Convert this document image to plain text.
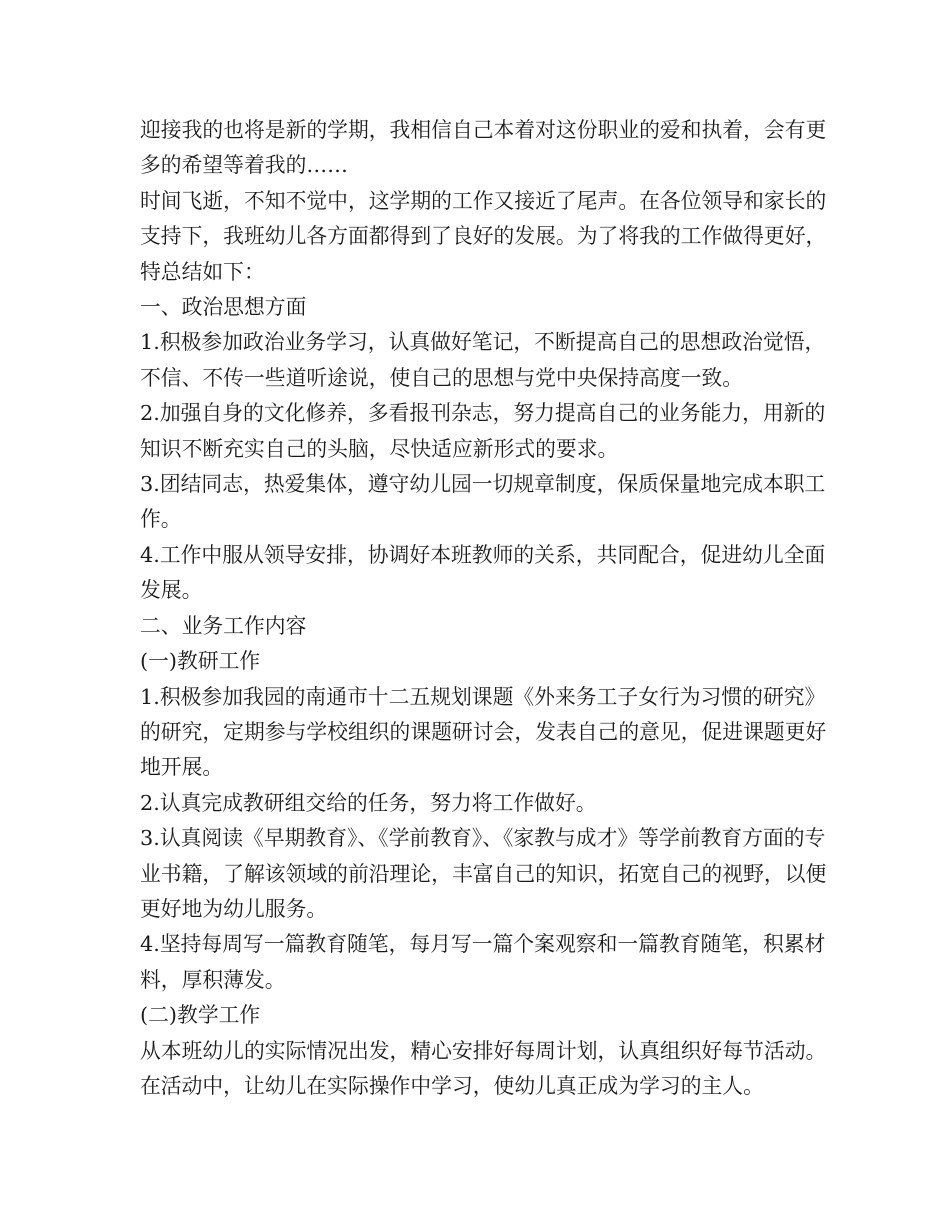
迎接我的也将是新的学期，我相信自己本着对这份职业的爱和执着，会有更多的希望等着我的……

时间飞逝，不知不觉中，这学期的工作又接近了尾声。在各位领导和家长的支持下，我班幼儿各方面都得到了良好的发展。为了将我的工作做得更好，特总结如下：

一、政治思想方面

1.积极参加政治业务学习，认真做好笔记，不断提高自己的思想政治觉悟，不信、不传一些道听途说，使自己的思想与党中央保持高度一致。

2.加强自身的文化修养，多看报刊杂志，努力提高自己的业务能力，用新的知识不断充实自己的头脑，尽快适应新形式的要求。

3.团结同志，热爱集体，遵守幼儿园一切规章制度，保质保量地完成本职工作。

4.工作中服从领导安排，协调好本班教师的关系，共同配合，促进幼儿全面发展。

二、业务工作内容

(一)教研工作

1.积极参加我园的南通市十二五规划课题《外来务工子女行为习惯的研究》的研究，定期参与学校组织的课题研讨会，发表自己的意见，促进课题更好地开展。

2.认真完成教研组交给的任务，努力将工作做好。

3.认真阅读《早期教育》、《学前教育》、《家教与成才》等学前教育方面的专业书籍，了解该领域的前沿理论，丰富自己的知识，拓宽自己的视野，以便更好地为幼儿服务。

4.坚持每周写一篇教育随笔，每月写一篇个案观察和一篇教育随笔，积累材料，厚积薄发。

(二)教学工作

从本班幼儿的实际情况出发，精心安排好每周计划，认真组织好每节活动。在活动中，让幼儿在实际操作中学习，使幼儿真正成为学习的主人。
